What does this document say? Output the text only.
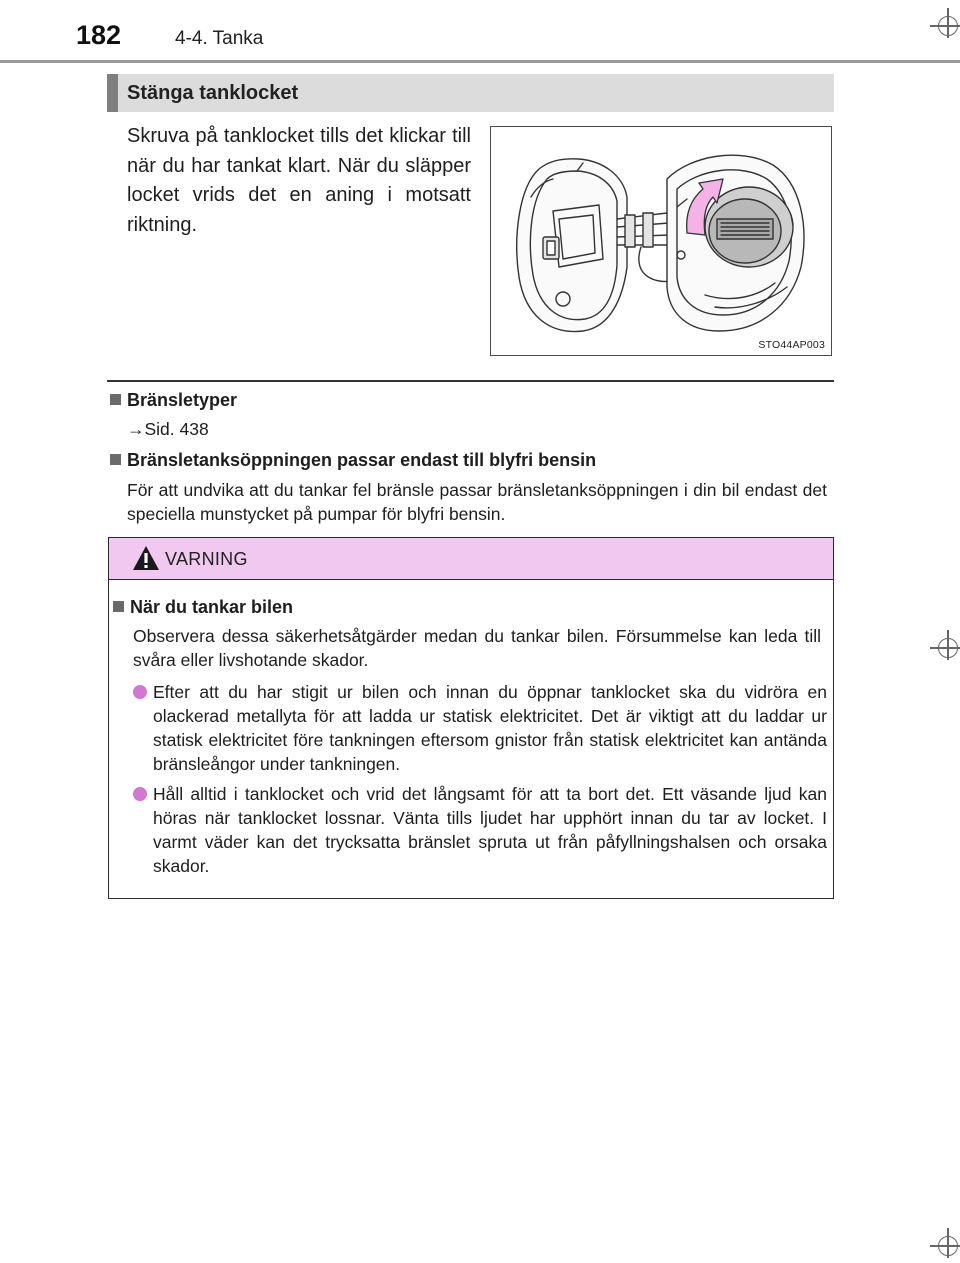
182	4-4. Tanka
Stänga tanklocket
Skruva på tanklocket tills det klickar till när du har tankat klart. När du släpper locket vrids det en aning i motsatt riktning.
STO44AP003
Bränsletyper
→Sid. 438
Bränsletanksöppningen passar endast till blyfri bensin
För att undvika att du tankar fel bränsle passar bränsletanksöppningen i din bil endast det speciella munstycket på pumpar för blyfri bensin.
VARNING
När du tankar bilen
Observera dessa säkerhetsåtgärder medan du tankar bilen. Försummelse kan leda till svåra eller livshotande skador.
Efter att du har stigit ur bilen och innan du öppnar tanklocket ska du vidröra en olackerad metallyta för att ladda ur statisk elektricitet. Det är viktigt att du laddar ur statisk elektricitet före tankningen eftersom gnistor från statisk elektricitet kan antända bränsleångor under tankningen.
Håll alltid i tanklocket och vrid det långsamt för att ta bort det. Ett väsande ljud kan höras när tanklocket lossnar. Vänta tills ljudet har upphört innan du tar av locket. I varmt väder kan det trycksatta bränslet spruta ut från påfyllningshalsen och orsaka skador.
